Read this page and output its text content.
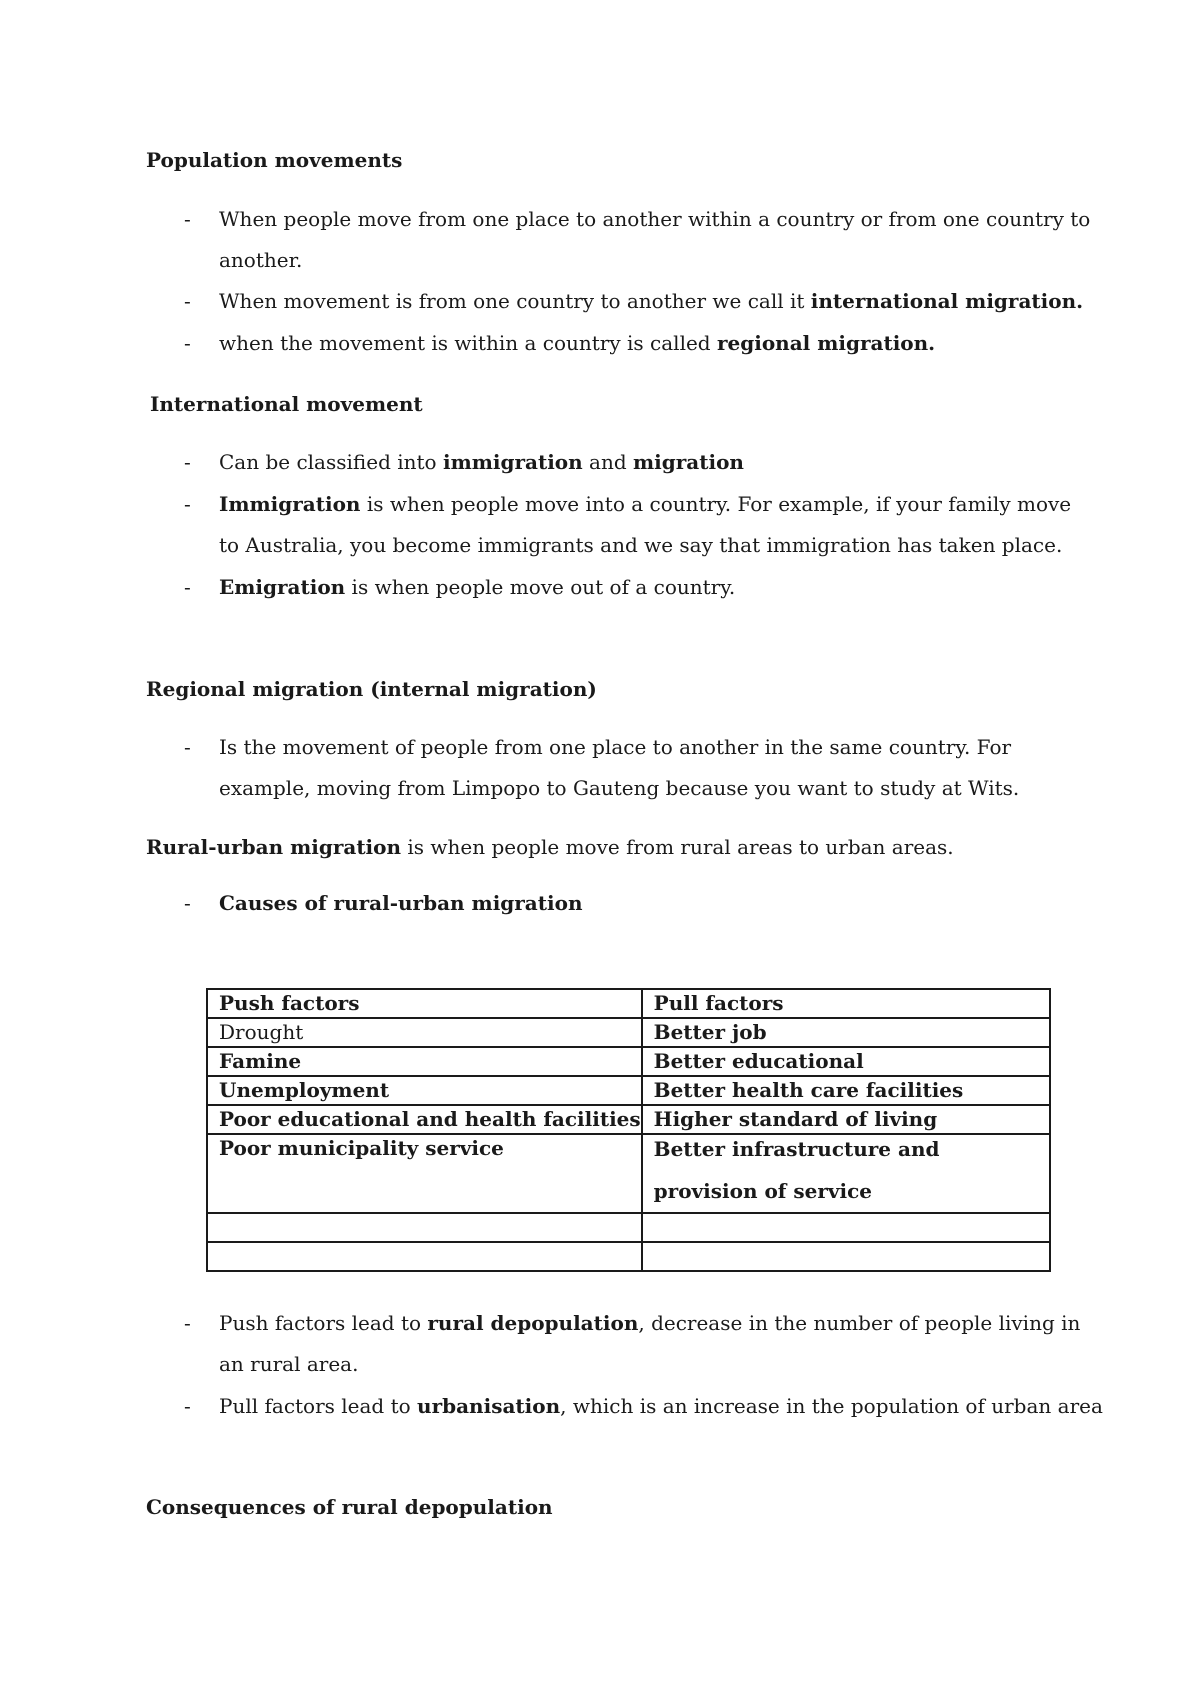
Population movements
- When people move from one place to another within a country or from one country to
another.
- When movement is from one country to another we call it international migration.
- when the movement is within a country is called regional migration.
International movement
- Can be classified into immigration and migration
- Immigration is when people move into a country. For example, if your family move
to Australia, you become immigrants and we say that immigration has taken place.
- Emigration is when people move out of a country.
Regional migration (internal migration)
- Is the movement of people from one place to another in the same country. For
example, moving from Limpopo to Gauteng because you want to study at Wits.
Rural-urban migration is when people move from rural areas to urban areas.
- Causes of rural-urban migration
Push factors	Pull factors
Drought	Better job
Famine	Better educational
Unemployment	Better health care facilities
Poor educational and health facilities	Higher standard of living
Poor municipality service	Better infrastructure and provision of service

- Push factors lead to rural depopulation, decrease in the number of people living in
an rural area.
- Pull factors lead to urbanisation, which is an increase in the population of urban area
Consequences of rural depopulation
